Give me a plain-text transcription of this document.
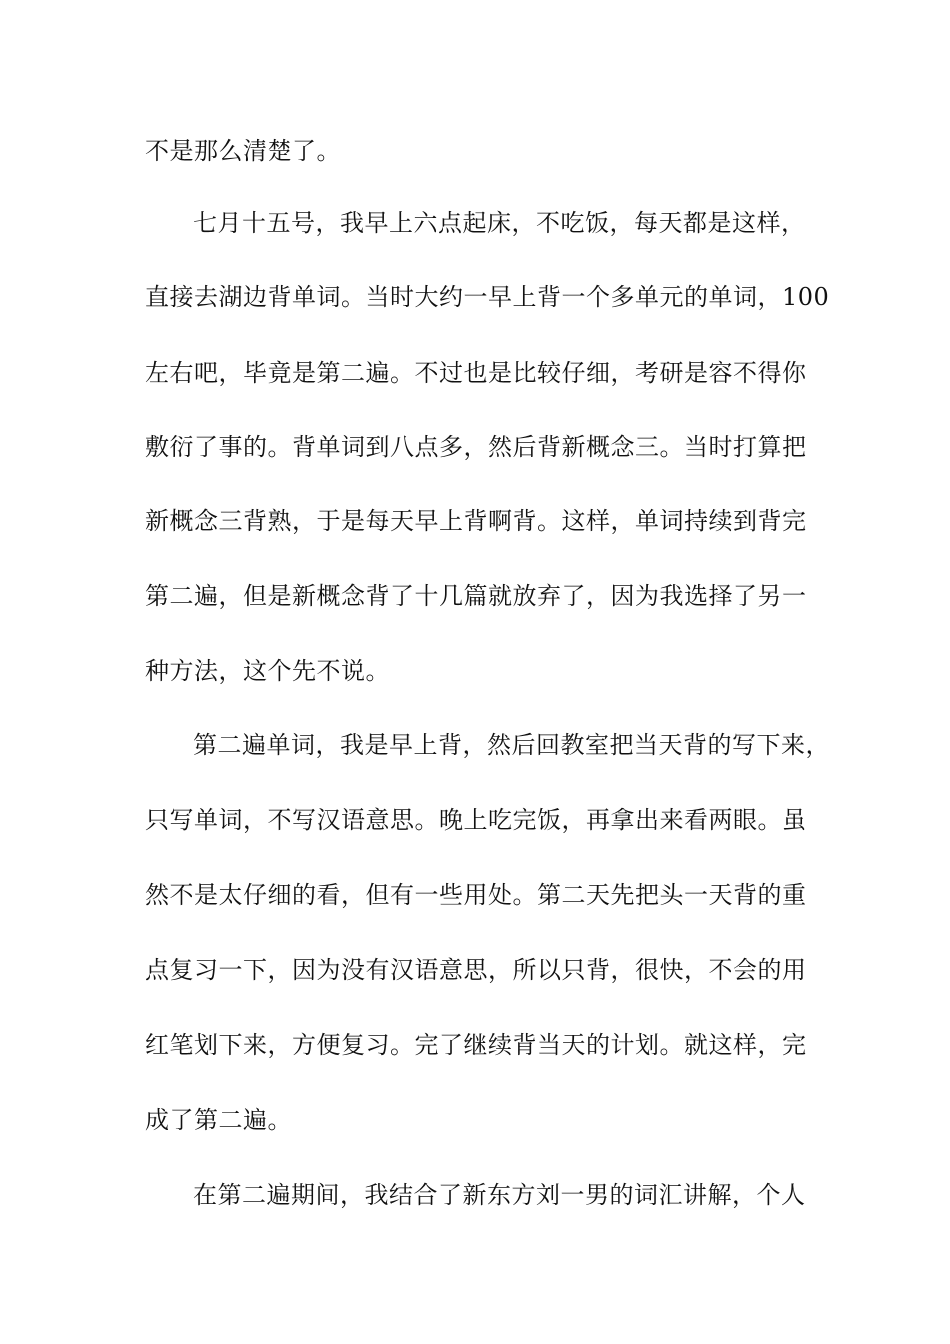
不是那么清楚了。
七月十五号，我早上六点起床，不吃饭，每天都是这样，
直接去湖边背单词。当时大约一早上背一个多单元的单词，100
左右吧，毕竟是第二遍。不过也是比较仔细，考研是容不得你
敷衍了事的。背单词到八点多，然后背新概念三。当时打算把
新概念三背熟，于是每天早上背啊背。这样，单词持续到背完
第二遍，但是新概念背了十几篇就放弃了，因为我选择了另一
种方法，这个先不说。
第二遍单词，我是早上背，然后回教室把当天背的写下来，
只写单词，不写汉语意思。晚上吃完饭，再拿出来看两眼。虽
然不是太仔细的看，但有一些用处。第二天先把头一天背的重
点复习一下，因为没有汉语意思，所以只背，很快，不会的用
红笔划下来，方便复习。完了继续背当天的计划。就这样，完
成了第二遍。
在第二遍期间，我结合了新东方刘一男的词汇讲解，个人
